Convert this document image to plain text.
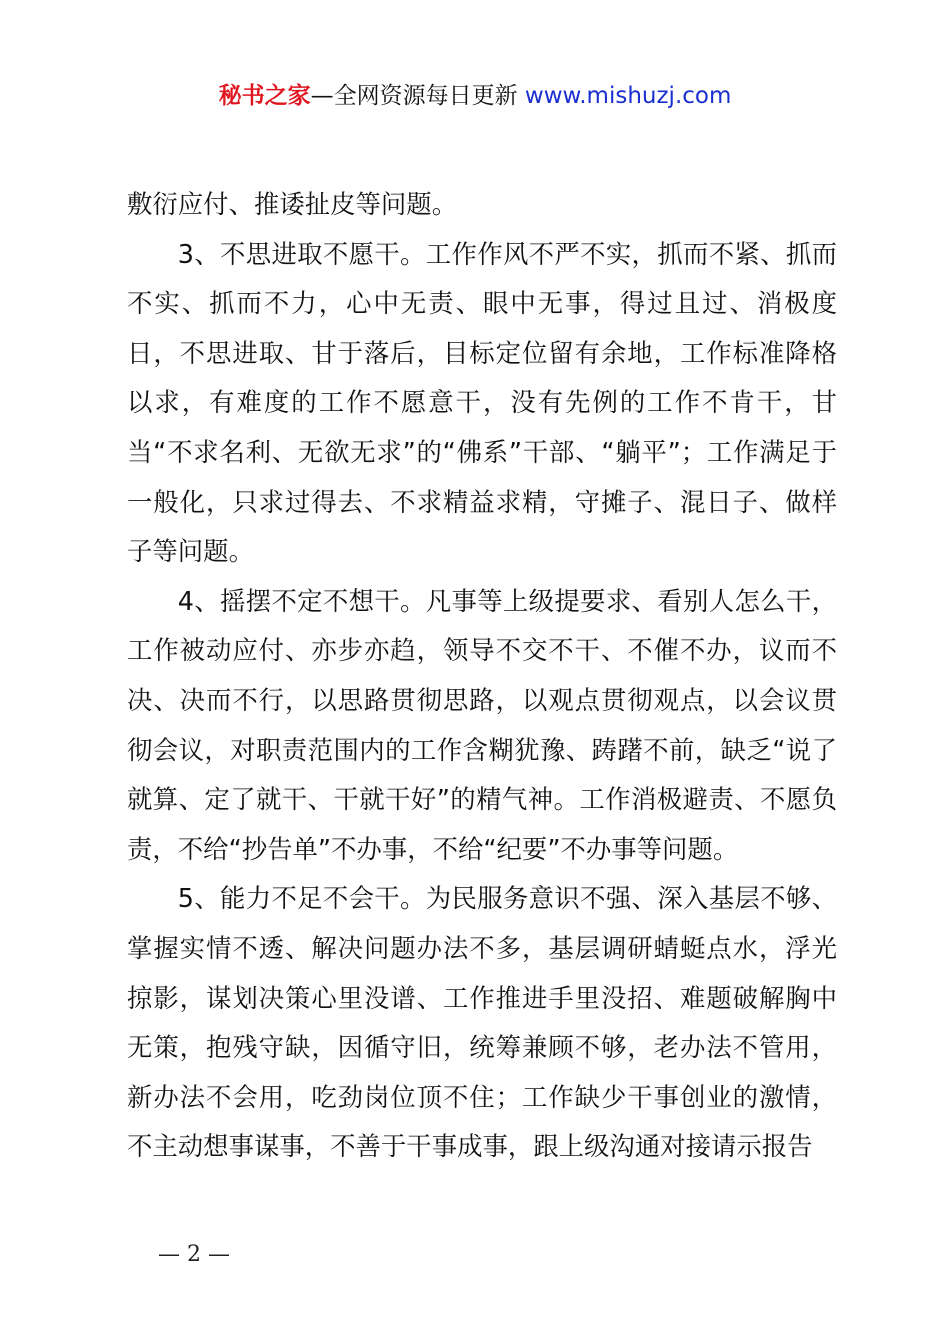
秘书之家—全网资源每日更新 www.mishuzj.com

敷衍应付、推诿扯皮等问题。

3、不思进取不愿干。工作作风不严不实，抓而不紧、抓而不实、抓而不力，心中无责、眼中无事，得过且过、消极度日，不思进取、甘于落后，目标定位留有余地，工作标准降格以求，有难度的工作不愿意干，没有先例的工作不肯干，甘当“不求名利、无欲无求”的“佛系”干部、“躺平”；工作满足于一般化，只求过得去、不求精益求精，守摊子、混日子、做样子等问题。

4、摇摆不定不想干。凡事等上级提要求、看别人怎么干，工作被动应付、亦步亦趋，领导不交不干、不催不办，议而不决、决而不行，以思路贯彻思路，以观点贯彻观点，以会议贯彻会议，对职责范围内的工作含糊犹豫、踌躇不前，缺乏“说了就算、定了就干、干就干好”的精气神。工作消极避责、不愿负责，不给“抄告单”不办事，不给“纪要”不办事等问题。

5、能力不足不会干。为民服务意识不强、深入基层不够、掌握实情不透、解决问题办法不多，基层调研蜻蜓点水，浮光掠影，谋划决策心里没谱、工作推进手里没招、难题破解胸中无策，抱残守缺，因循守旧，统筹兼顾不够，老办法不管用，新办法不会用，吃劲岗位顶不住；工作缺少干事创业的激情，不主动想事谋事，不善于干事成事，跟上级沟通对接请示报告

— 2 —
